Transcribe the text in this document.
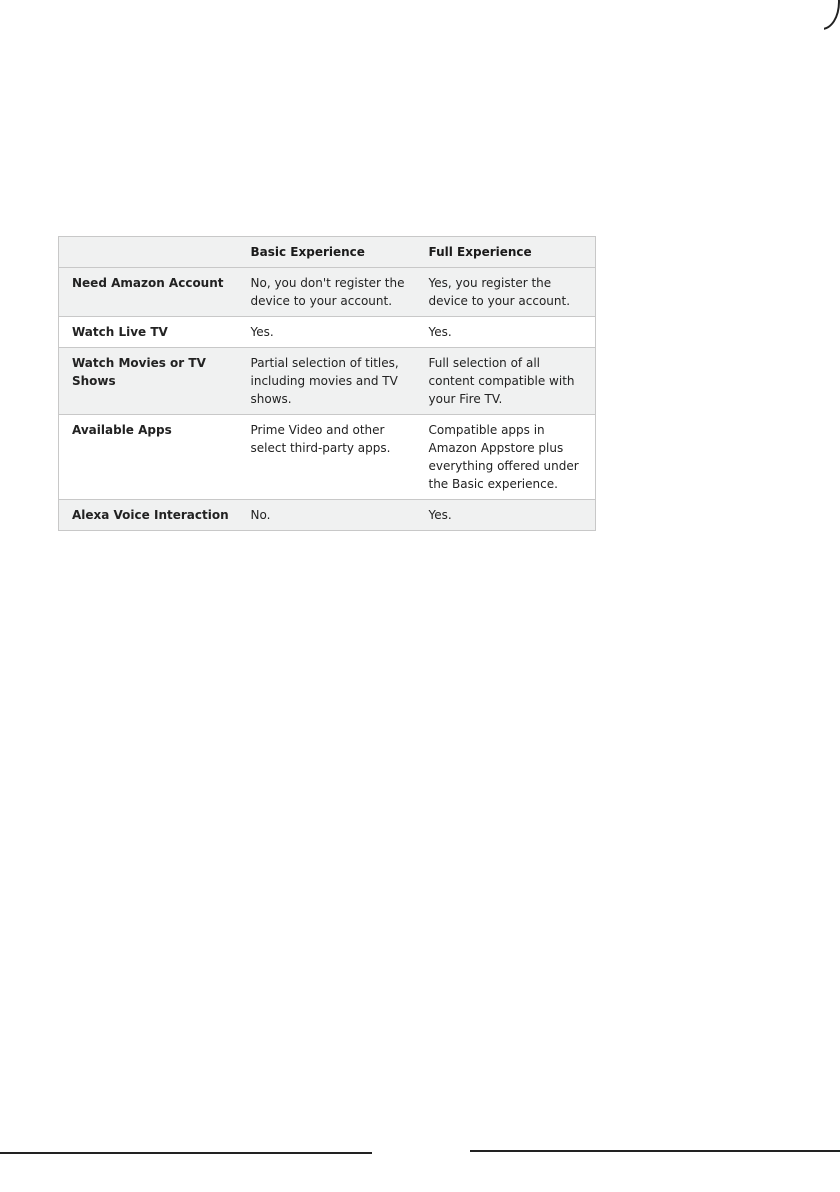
	Basic Experience	Full Experience
Need Amazon Account	No, you don't register the device to your account.	Yes, you register the device to your account.
Watch Live TV	Yes.	Yes.
Watch Movies or TV Shows	Partial selection of titles, including movies and TV shows.	Full selection of all content compatible with your Fire TV.
Available Apps	Prime Video and other select third-party apps.	Compatible apps in Amazon Appstore plus everything offered under the Basic experience.
Alexa Voice Interaction	No.	Yes.
